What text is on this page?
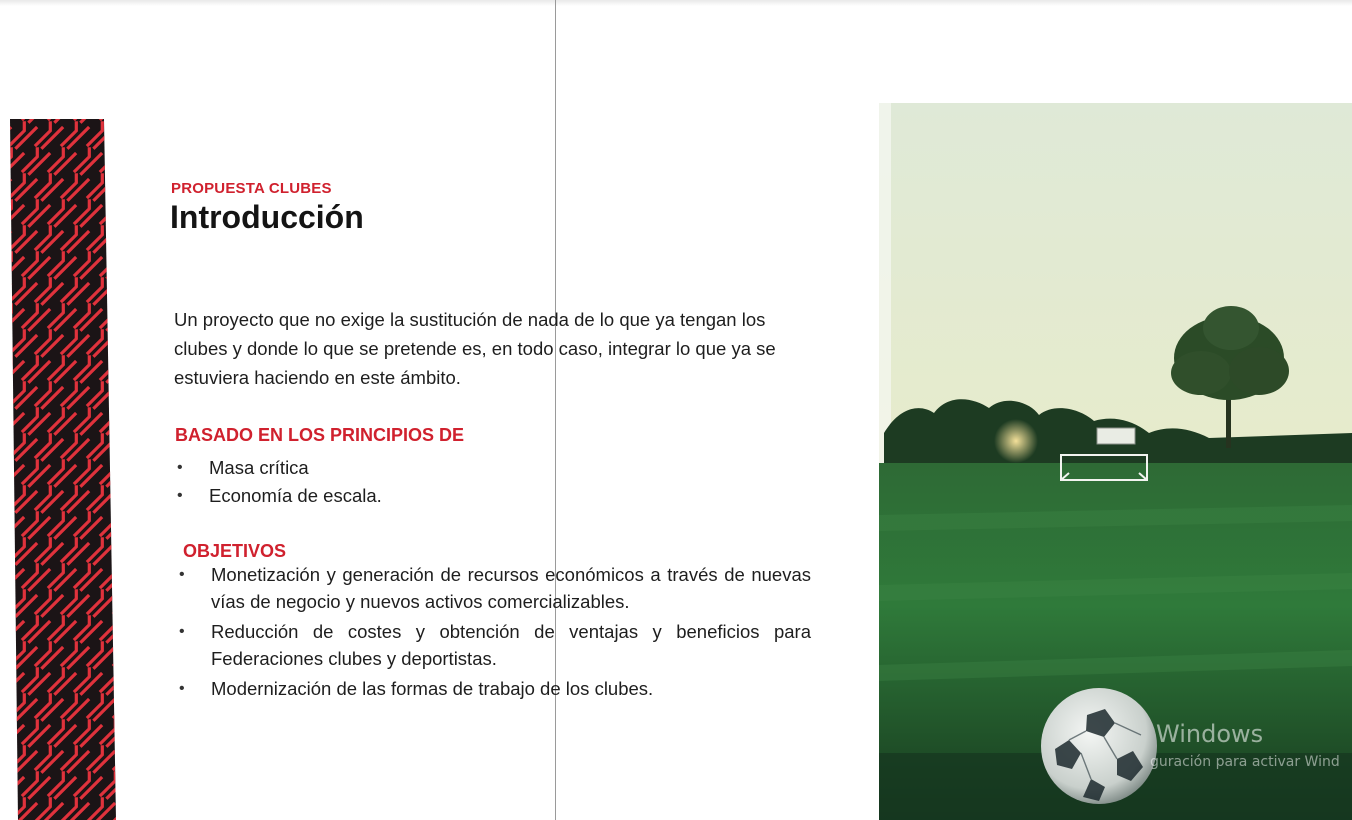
PROPUESTA CLUBES
Introducción
Un proyecto que no exige la sustitución de nada de lo que ya tengan los clubes y donde lo que se pretende es, en todo caso, integrar lo que ya se estuviera haciendo en este ámbito.
BASADO EN LOS PRINCIPIOS DE
• Masa crítica
• Economía de escala.
OBJETIVOS
• Monetización y generación de recursos económicos a través de nuevas vías de negocio y nuevos activos comercializables.
• Reducción de costes y obtención de ventajas y beneficios para Federaciones clubes y deportistas.
• Modernización de las formas de trabajo de los clubes.
Windows
guración para activar Wind
